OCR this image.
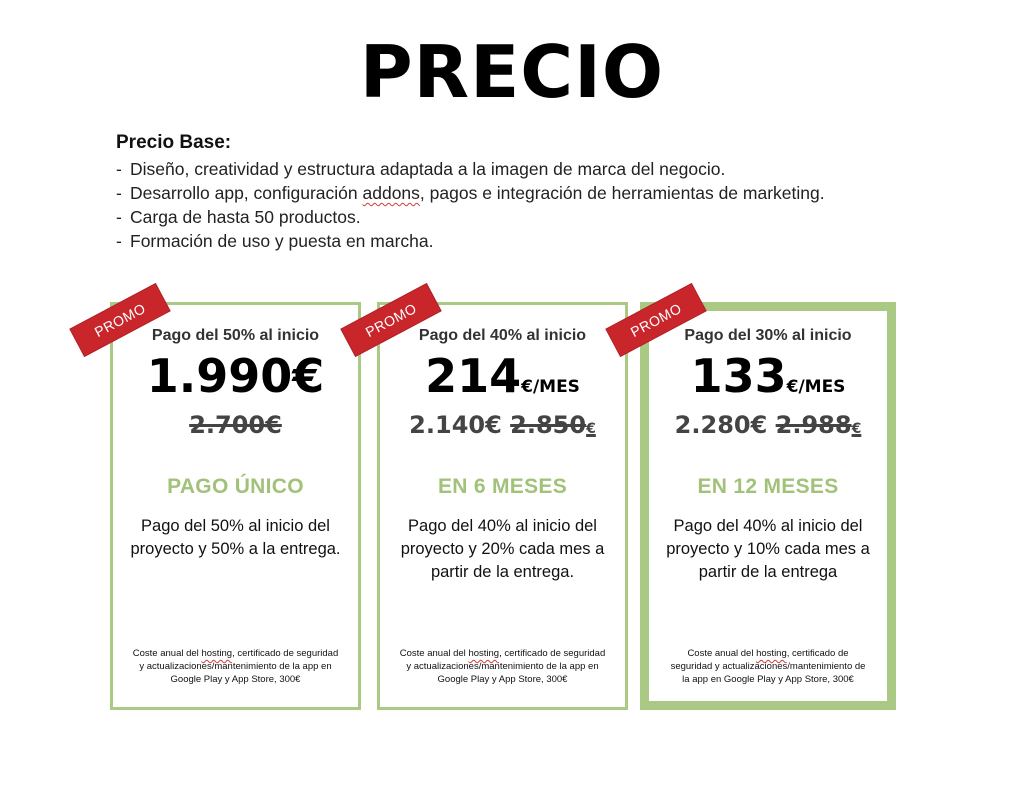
PRECIO
Precio Base:
- Diseño, creatividad y estructura adaptada a la imagen de marca del negocio.
- Desarrollo app, configuración addons, pagos e integración de herramientas de marketing.
- Carga de hasta 50 productos.
- Formación de uso y puesta en marcha.
Pago del 50% al inicio
1.990€
2.700€
PAGO ÚNICO
Pago del 50% al inicio del proyecto y 50% a la entrega.
Coste anual del hosting, certificado de seguridad y actualizaciones/mantenimiento de la app en Google Play y App Store, 300€
Pago del 40% al inicio
214€/MES
2.140€ 2.850€
EN 6 MESES
Pago del 40% al inicio del proyecto y 20% cada mes a partir de la entrega.
Coste anual del hosting, certificado de seguridad y actualizaciones/mantenimiento de la app en Google Play y App Store, 300€
Pago del 30% al inicio
133€/MES
2.280€ 2.988€
EN 12 MESES
Pago del 40% al inicio del proyecto y 10% cada mes a partir de la entrega
Coste anual del hosting, certificado de seguridad y actualizaciones/mantenimiento de la app en Google Play y App Store, 300€
PROMO	PROMO	PROMO
